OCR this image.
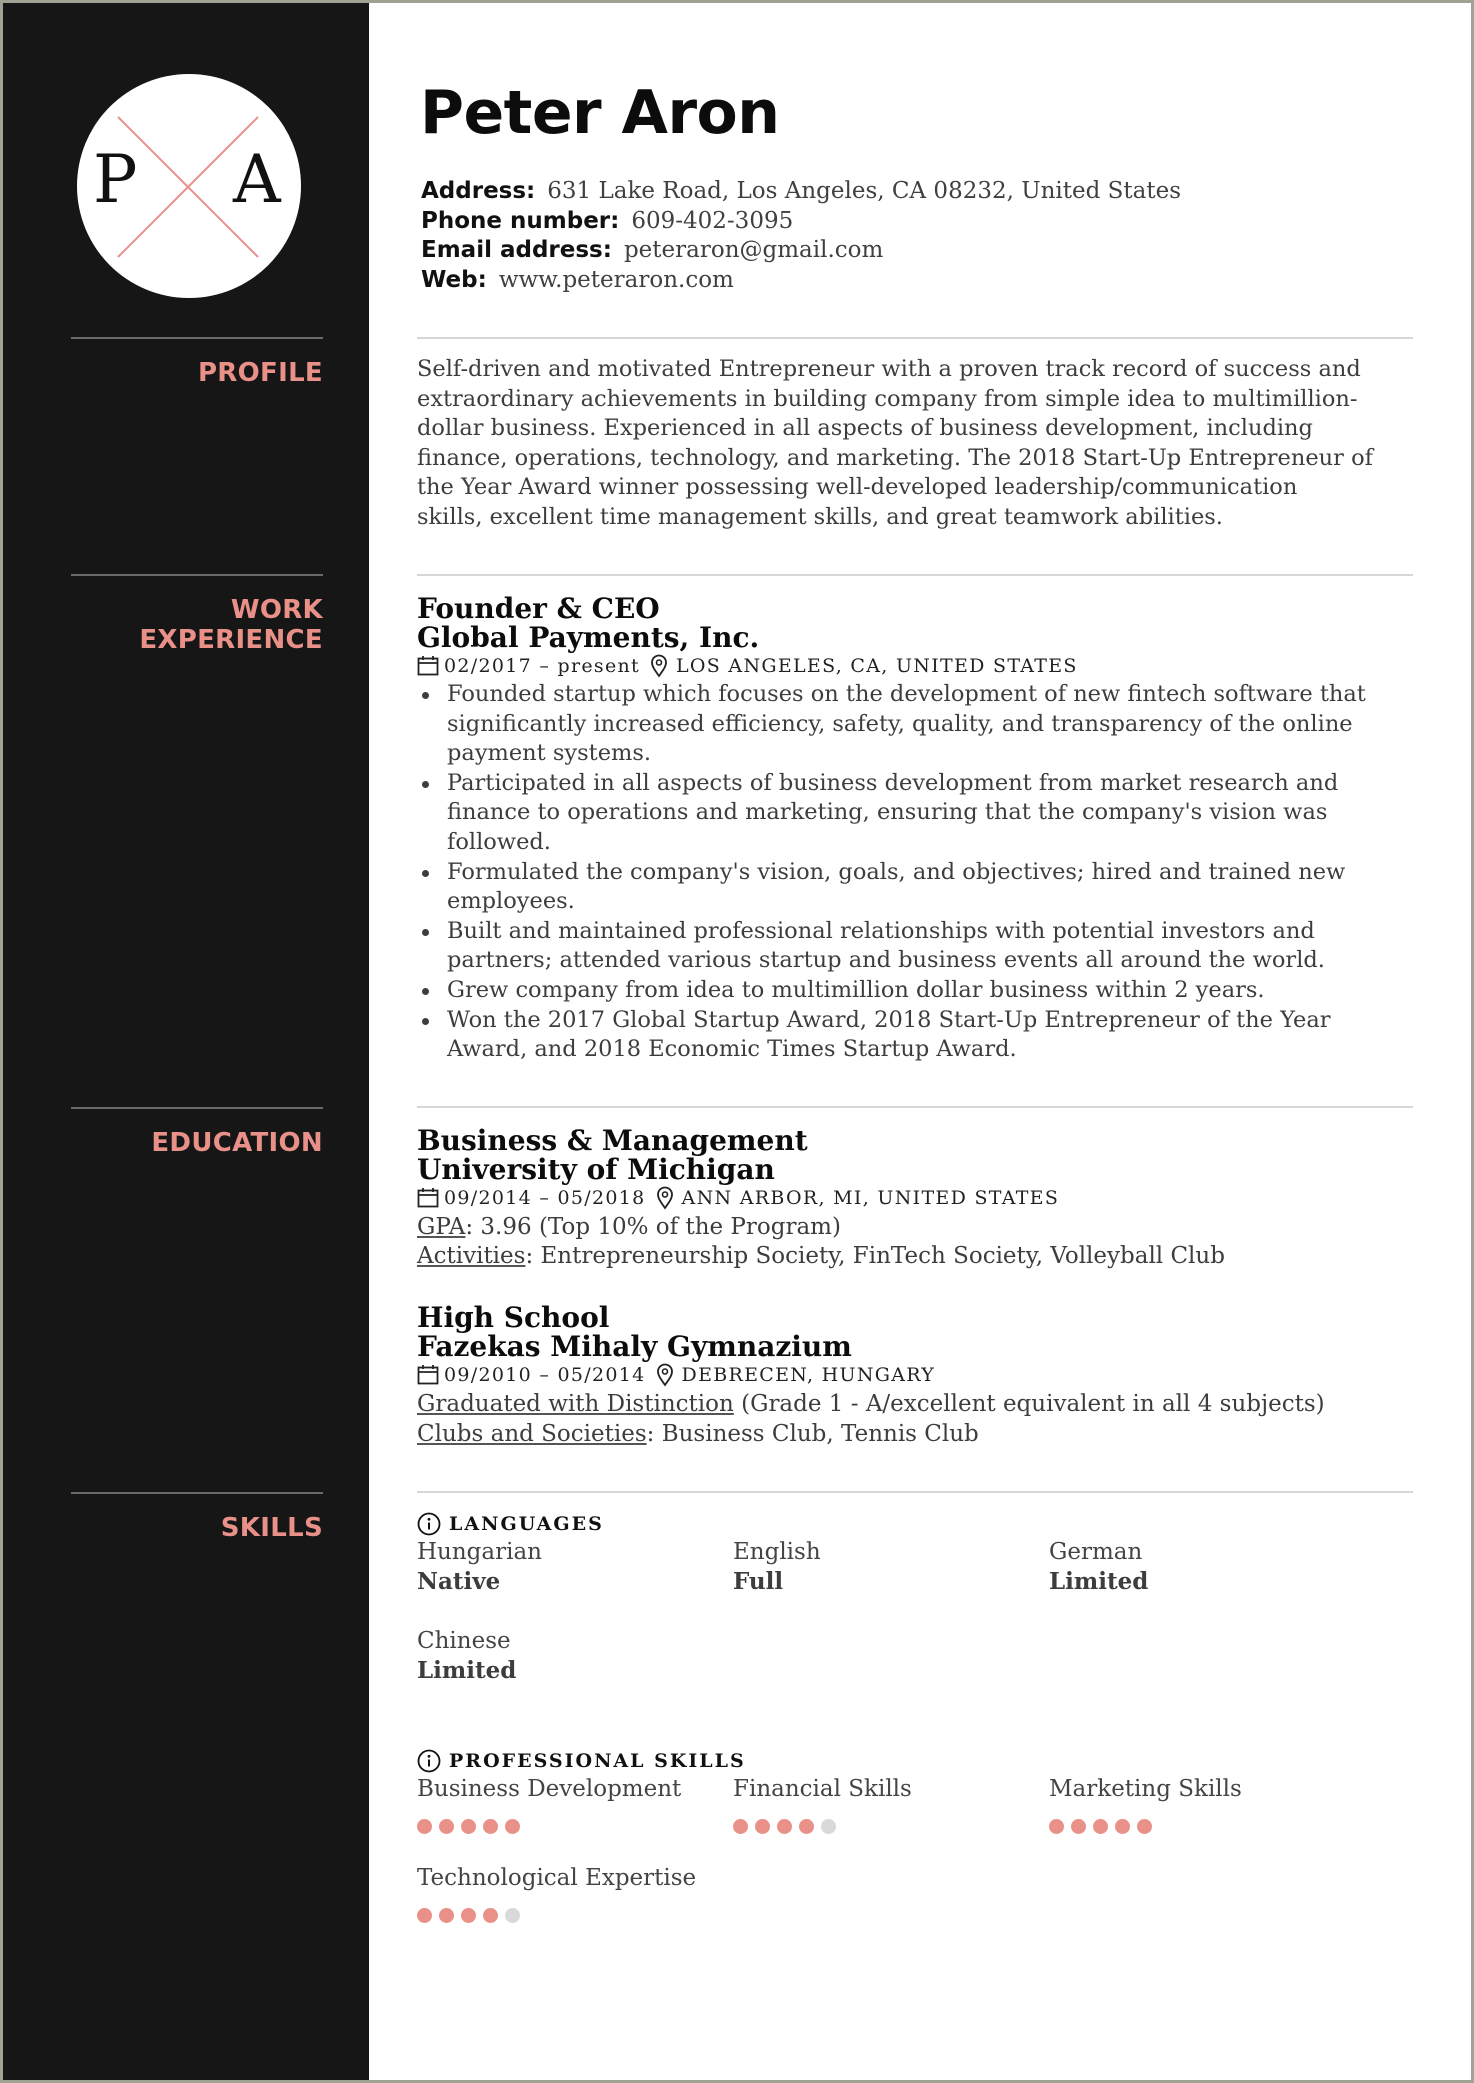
P A
PROFILE
WORK
EXPERIENCE
EDUCATION
SKILLS
Peter Aron
Address: 631 Lake Road, Los Angeles, CA 08232, United States
Phone number: 609-402-3095
Email address: peteraron@gmail.com
Web: www.peteraron.com

Self-driven and motivated Entrepreneur with a proven track record of success and

extraordinary achievements in building company from simple idea to multimillion-

dollar business. Experienced in all aspects of business development, including

finance, operations, technology, and marketing. The 2018 Start-Up Entrepreneur of

the Year Award winner possessing well-developed leadership/communication

skills, excellent time management skills, and great teamwork abilities.

Founder & CEO
Global Payments, Inc.
02/2017 – present LOS ANGELES, CA, UNITED STATES
Founded startup which focuses on the development of new fintech software that
significantly increased efficiency, safety, quality, and transparency of the online
payment systems.
Participated in all aspects of business development from market research and
finance to operations and marketing, ensuring that the company's vision was
followed.
Formulated the company's vision, goals, and objectives; hired and trained new
employees.
Built and maintained professional relationships with potential investors and
partners; attended various startup and business events all around the world.
Grew company from idea to multimillion dollar business within 2 years.
Won the 2017 Global Startup Award, 2018 Start-Up Entrepreneur of the Year
Award, and 2018 Economic Times Startup Award.
Business & Management
University of Michigan
09/2014 – 05/2018 ANN ARBOR, MI, UNITED STATES
GPA: 3.96 (Top 10% of the Program)
Activities: Entrepreneurship Society, FinTech Society, Volleyball Club
High School
Fazekas Mihaly Gymnazium
09/2010 – 05/2014 DEBRECEN, HUNGARY
Graduated with Distinction (Grade 1 - A/excellent equivalent in all 4 subjects)
Clubs and Societies: Business Club, Tennis Club
LANGUAGES
Hungarian
Native
English
Full
German
Limited
Chinese
Limited
PROFESSIONAL SKILLS
Business Development	Financial Skills	Marketing Skills
Technological Expertise
